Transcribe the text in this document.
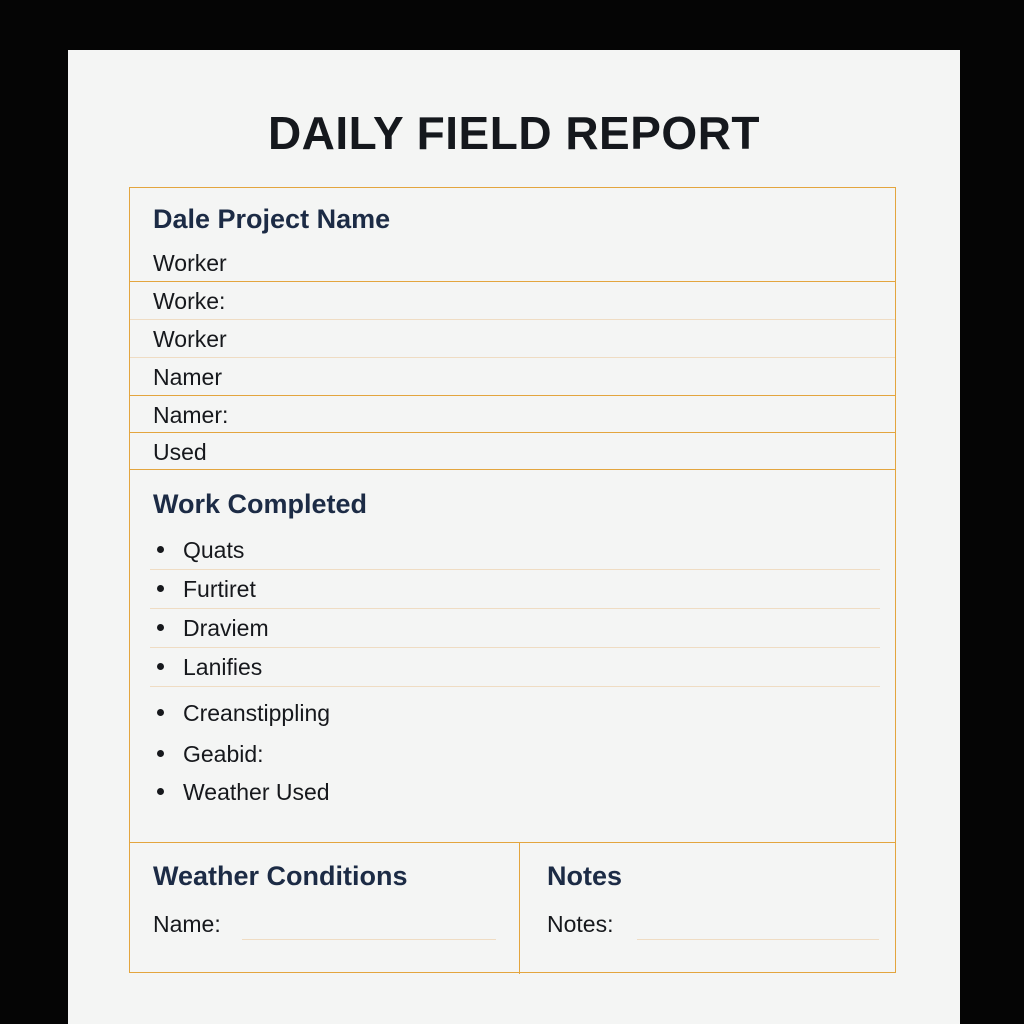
DAILY FIELD REPORT
Dale Project Name
Worker
Worke:
Worker
Namer
Namer:
Used
Work Completed
Quats
Furtiret
Draviem
Lanifies
Creanstippling
Geabid:
Weather Used
Weather Conditions
Name:
Notes
Notes:
